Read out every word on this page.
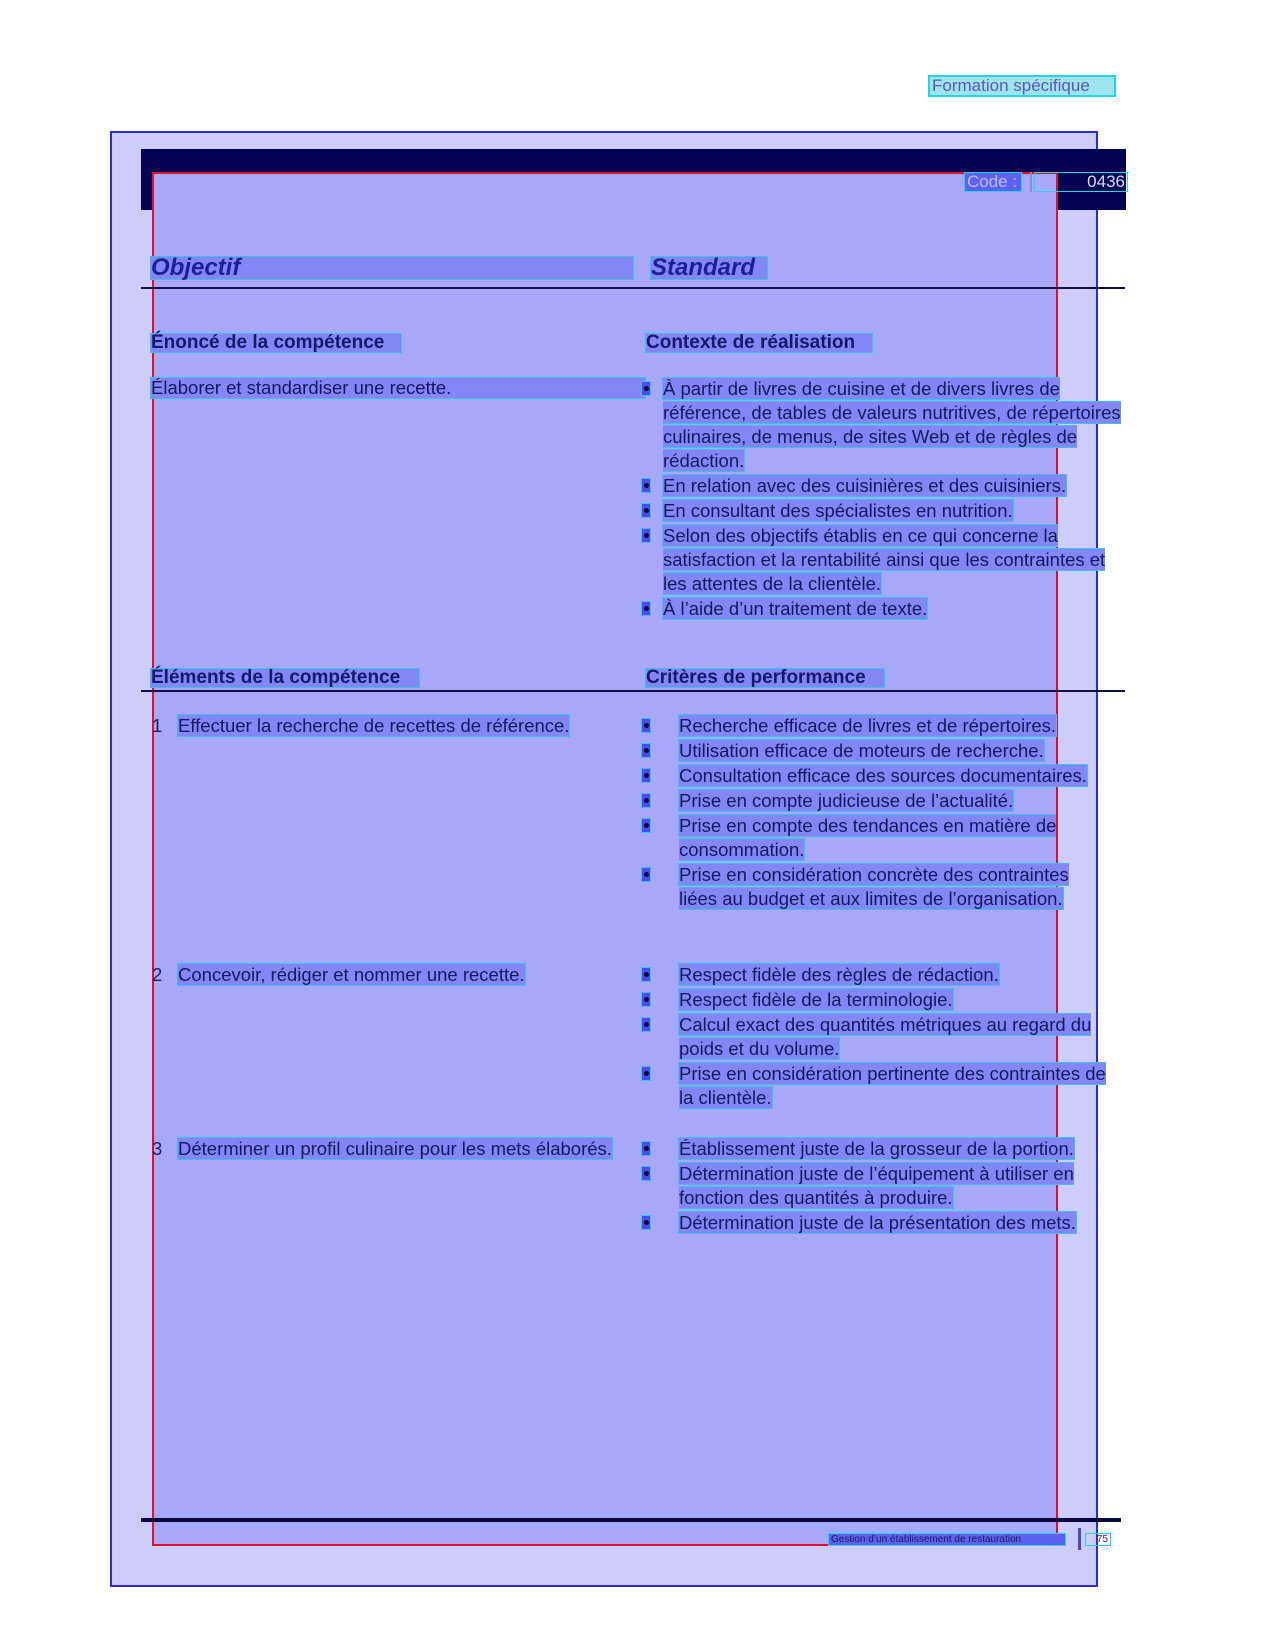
Formation spécifique
Code :	0436
Objectif	Standard
Énoncé de la compétence	Contexte de réalisation
Élaborer et standardiser une recette.	À partir de livres de cuisine et de divers livres de référence, de tables de valeurs nutritives, de répertoires culinaires, de menus, de sites Web et de règles de rédaction.
En relation avec des cuisinières et des cuisiniers.
En consultant des spécialistes en nutrition.
Selon des objectifs établis en ce qui concerne la satisfaction et la rentabilité ainsi que les contraintes et les attentes de la clientèle.
À l’aide d’un traitement de texte.
Éléments de la compétence	Critères de performance
1 Effectuer la recherche de recettes de référence.	Recherche efficace de livres et de répertoires.
Utilisation efficace de moteurs de recherche.
Consultation efficace des sources documentaires.
Prise en compte judicieuse de l’actualité.
Prise en compte des tendances en matière de consommation.
Prise en considération concrète des contraintes liées au budget et aux limites de l’organisation.
2 Concevoir, rédiger et nommer une recette.	Respect fidèle des règles de rédaction.
Respect fidèle de la terminologie.
Calcul exact des quantités métriques au regard du poids et du volume.
Prise en considération pertinente des contraintes de la clientèle.
3 Déterminer un profil culinaire pour les mets élaborés.	Établissement juste de la grosseur de la portion.
Détermination juste de l’équipement à utiliser en fonction des quantités à produire.
Détermination juste de la présentation des mets.
Gestion d’un établissement de restauration	75
